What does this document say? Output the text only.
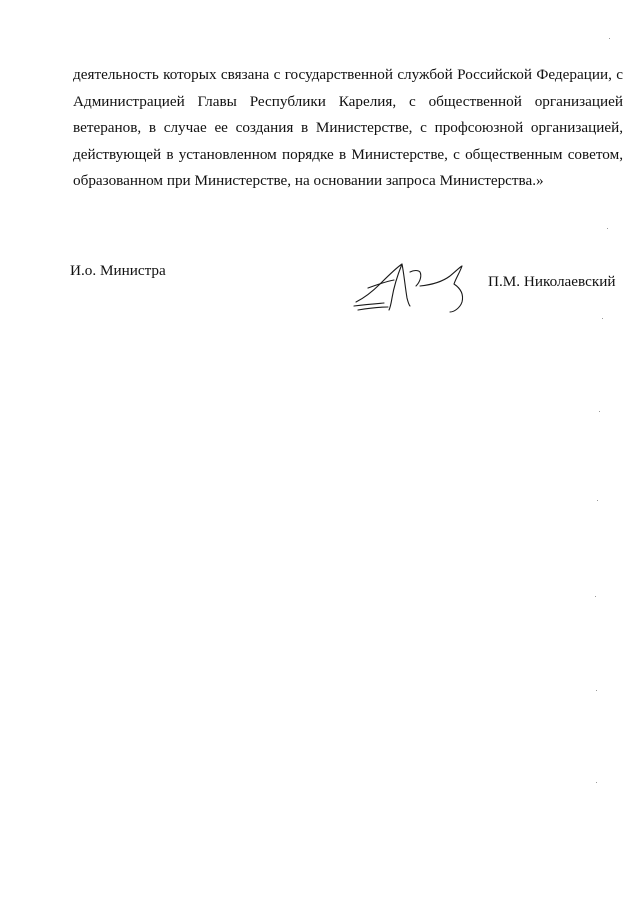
деятельность которых связана с государственной службой Российской Федерации, с
Администрацией Главы Республики Карелия, с общественной организацией
ветеранов, в случае ее создания в Министерстве, с профсоюзной организацией,
действующей в установленном порядке в Министерстве, с общественным советом,
образованном при Министерстве, на основании запроса Министерства.»

И.о. Министра

П.М. Николаевский
